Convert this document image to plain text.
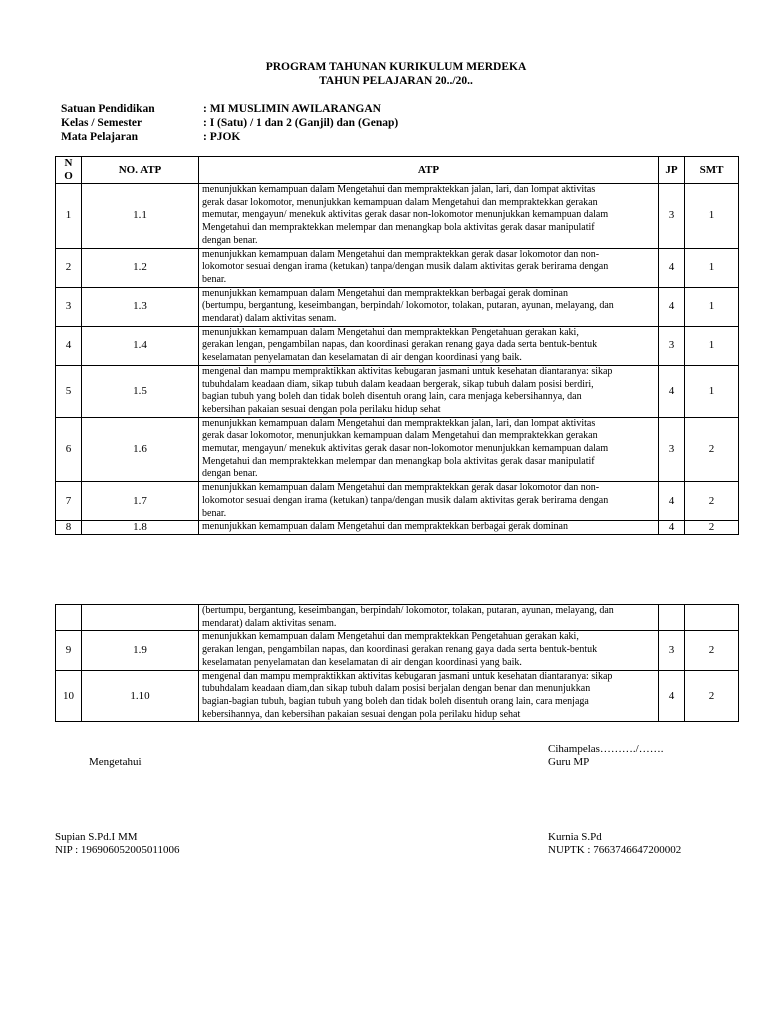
PROGRAM TAHUNAN KURIKULUM MERDEKA
TAHUN PELAJARAN 20../20..
Satuan Pendidikan	: MI MUSLIMIN AWILARANGAN
Kelas / Semester	: I (Satu) / 1 dan 2 (Ganjil) dan (Genap)
Mata Pelajaran	: PJOK
N
O	NO. ATP	ATP	JP	SMT
1	1.1	menunjukkan kemampuan dalam Mengetahui dan mempraktekkan jalan, lari, dan lompat aktivitas
gerak dasar lokomotor, menunjukkan kemampuan dalam Mengetahui dan mempraktekkan gerakan
memutar, mengayun/ menekuk aktivitas gerak dasar non-lokomotor menunjukkan kemampuan dalam
Mengetahui dan mempraktekkan melempar dan menangkap bola aktivitas gerak dasar manipulatif
dengan benar.	3	1
2	1.2	menunjukkan kemampuan dalam Mengetahui dan mempraktekkan gerak dasar lokomotor dan non-
lokomotor sesuai dengan irama (ketukan) tanpa/dengan musik dalam aktivitas gerak berirama dengan
benar.	4	1
3	1.3	menunjukkan kemampuan dalam Mengetahui dan mempraktekkan berbagai gerak dominan
(bertumpu, bergantung, keseimbangan, berpindah/ lokomotor, tolakan, putaran, ayunan, melayang, dan
mendarat) dalam aktivitas senam.	4	1
4	1.4	menunjukkan kemampuan dalam Mengetahui dan mempraktekkan Pengetahuan gerakan kaki,
gerakan lengan, pengambilan napas, dan koordinasi gerakan renang gaya dada serta bentuk-bentuk
keselamatan penyelamatan dan keselamatan di air dengan koordinasi yang baik.	3	1
5	1.5	mengenal dan mampu mempraktikkan aktivitas kebugaran jasmani untuk kesehatan diantaranya: sikap
tubuhdalam keadaan diam, sikap tubuh dalam keadaan bergerak, sikap tubuh dalam posisi berdiri,
bagian tubuh yang boleh dan tidak boleh disentuh orang lain, cara menjaga kebersihannya, dan
kebersihan pakaian sesuai dengan pola perilaku hidup sehat	4	1
6	1.6	menunjukkan kemampuan dalam Mengetahui dan mempraktekkan jalan, lari, dan lompat aktivitas
gerak dasar lokomotor, menunjukkan kemampuan dalam Mengetahui dan mempraktekkan gerakan
memutar, mengayun/ menekuk aktivitas gerak dasar non-lokomotor menunjukkan kemampuan dalam
Mengetahui dan mempraktekkan melempar dan menangkap bola aktivitas gerak dasar manipulatif
dengan benar.	3	2
7	1.7	menunjukkan kemampuan dalam Mengetahui dan mempraktekkan gerak dasar lokomotor dan non-
lokomotor sesuai dengan irama (ketukan) tanpa/dengan musik dalam aktivitas gerak berirama dengan
benar.	4	2
8	1.8	menunjukkan kemampuan dalam Mengetahui dan mempraktekkan berbagai gerak dominan	4	2

		(bertumpu, bergantung, keseimbangan, berpindah/ lokomotor, tolakan, putaran, ayunan, melayang, dan
mendarat) dalam aktivitas senam.		

9	1.9	menunjukkan kemampuan dalam Mengetahui dan mempraktekkan Pengetahuan gerakan kaki,
gerakan lengan, pengambilan napas, dan koordinasi gerakan renang gaya dada serta bentuk-bentuk
keselamatan penyelamatan dan keselamatan di air dengan koordinasi yang baik.	3	2
10	1.10	mengenal dan mampu mempraktikkan aktivitas kebugaran jasmani untuk kesehatan diantaranya: sikap
tubuhdalam keadaan diam,dan sikap tubuh dalam posisi berjalan dengan benar dan menunjukkan
bagian-bagian tubuh, bagian tubuh yang boleh dan tidak boleh disentuh orang lain, cara menjaga
kebersihannya, dan kebersihan pakaian sesuai dengan pola perilaku hidup sehat	4	2
Mengetahui
Cihampelas………./…….
Guru MP
Supian S.Pd.I MM
NIP : 196906052005011006
Kurnia S.Pd
NUPTK : 7663746647200002
